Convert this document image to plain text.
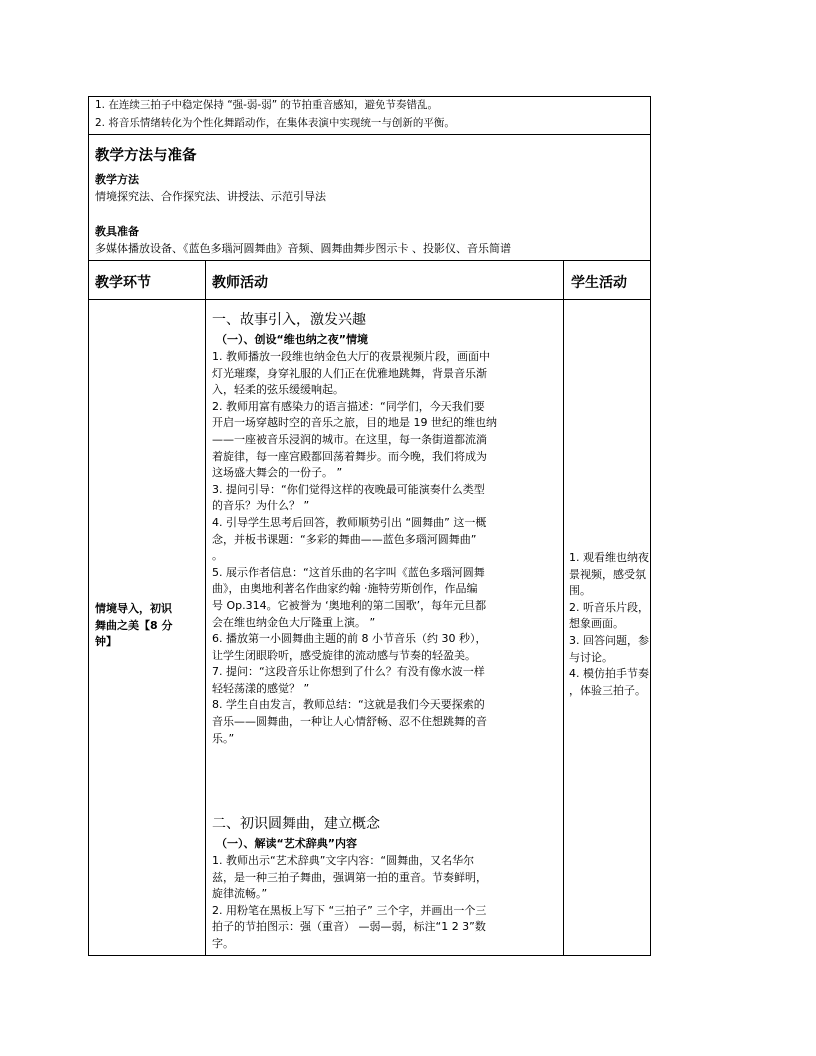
1. 在连续三拍子中稳定保持 “强-弱-弱” 的节拍重音感知，避免节奏错乱。
2. 将音乐情绪转化为个性化舞蹈动作，在集体表演中实现统一与创新的平衡。
教学方法与准备
教学方法
情境探究法、合作探究法、讲授法、示范引导法
教具准备
多媒体播放设备、《蓝色多瑙河圆舞曲》音频、圆舞曲舞步图示卡 、投影仪、音乐简谱
教学环节	教师活动	学生活动
情境导入，初识
舞曲之美【8 分
钟】
一、故事引入，激发兴趣
（一）、创设“维也纳之夜”情境
1. 教师播放一段维也纳金色大厅的夜景视频片段，画面中
灯光璀璨，身穿礼服的人们正在优雅地跳舞，背景音乐渐
入，轻柔的弦乐缓缓响起。
2. 教师用富有感染力的语言描述：“同学们，今天我们要
开启一场穿越时空的音乐之旅，目的地是 19 世纪的维也纳
——一座被音乐浸润的城市。在这里，每一条街道都流淌
着旋律，每一座宫殿都回荡着舞步。而今晚，我们将成为
这场盛大舞会的一份子。 ”
3. 提问引导：“你们觉得这样的夜晚最可能演奏什么类型
的音乐？为什么？ ”
4. 引导学生思考后回答，教师顺势引出 “圆舞曲” 这一概
念，并板书课题：“多彩的舞曲——蓝色多瑙河圆舞曲”
。
5. 展示作者信息：“这首乐曲的名字叫《蓝色多瑙河圆舞
曲》，由奥地利著名作曲家约翰 ·施特劳斯创作，作品编
号 Op.314。它被誉为 ‘奥地利的第二国歌’，每年元旦都
会在维也纳金色大厅隆重上演。 ”
6. 播放第一小圆舞曲主题的前 8 小节音乐（约 30 秒），
让学生闭眼聆听，感受旋律的流动感与节奏的轻盈美。
7. 提问：“这段音乐让你想到了什么？有没有像水波一样
轻轻荡漾的感觉？ ”
8. 学生自由发言，教师总结：“这就是我们今天要探索的
音乐——圆舞曲，一种让人心情舒畅、忍不住想跳舞的音
乐。”
二、初识圆舞曲，建立概念
（一）、解读“艺术辞典”内容
1. 教师出示“艺术辞典”文字内容：“圆舞曲，又名华尔
兹，是一种三拍子舞曲，强调第一拍的重音。节奏鲜明，
旋律流畅。”
2. 用粉笔在黑板上写下 “三拍子” 三个字，并画出一个三
拍子的节拍图示：强（重音） —弱—弱，标注“1 2 3”数
字。
1. 观看维也纳夜
景视频，感受氛
围。
2. 听音乐片段，
想象画面。
3. 回答问题，参
与讨论。
4. 模仿拍手节奏
，体验三拍子。
